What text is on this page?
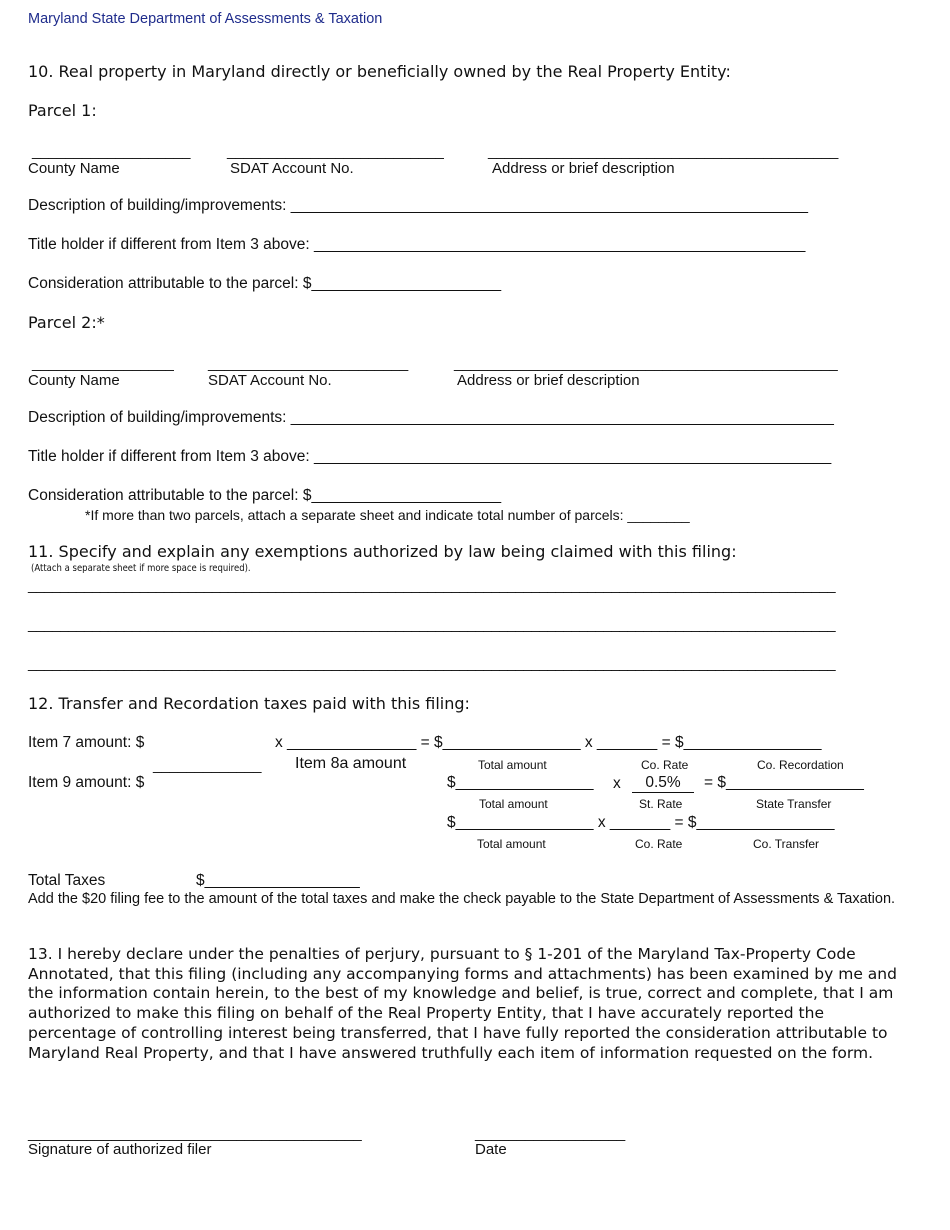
Maryland State Department of Assessments & Taxation
10. Real property in Maryland directly or beneficially owned by the Real Property Entity:
Parcel 1:
___________________ __________________________	__________________________________________
County Name	SDAT Account No.	Address or brief description
Description of building/improvements: ____________________________________________________________
Title holder if different from Item 3 above: _________________________________________________________
Consideration attributable to the parcel: $______________________
Parcel 2:*
_________________ ________________________	______________________________________________
County Name	SDAT Account No.	Address or brief description
Description of building/improvements: _______________________________________________________________
Title holder if different from Item 3 above: ____________________________________________________________
Consideration attributable to the parcel: $______________________
*If more than two parcels, attach a separate sheet and indicate total number of parcels: ________
11. Specify and explain any exemptions authorized by law being claimed with this filing:
(Attach a separate sheet if more space is required).
_____________________________________________________________________________________________________
_____________________________________________________________________________________________________
_____________________________________________________________________________________________________
12. Transfer and Recordation taxes paid with this filing:
Item 7 amount: $	x _______________ = $________________ x _______ = $________________
_____________ Item 8a amount	Total amount	Co. Rate	Co. Recordation
Item 9 amount: $	$________________ x	0.5%	= $________________
Total amount	St. Rate	State Transfer
$________________ x _______ = $________________
Total amount	Co. Rate	Co. Transfer
Total Taxes	$__________________
Add the $20 filing fee to the amount of the total taxes and make the check payable to the State Department of Assessments & Taxation.
13. I hereby declare under the penalties of perjury, pursuant to § 1-201 of the Maryland Tax-Property Code Annotated, that this filing (including any accompanying forms and attachments) has been examined by me and the information contain herein, to the best of my knowledge and belief, is true, correct and complete, that I am authorized to make this filing on behalf of the Real Property Entity, that I have accurately reported the percentage of controlling interest being transferred, that I have fully reported the consideration attributable to Maryland Real Property, and that I have answered truthfully each item of information requested on the form.
________________________________________	__________________
Signature of authorized filer	Date
